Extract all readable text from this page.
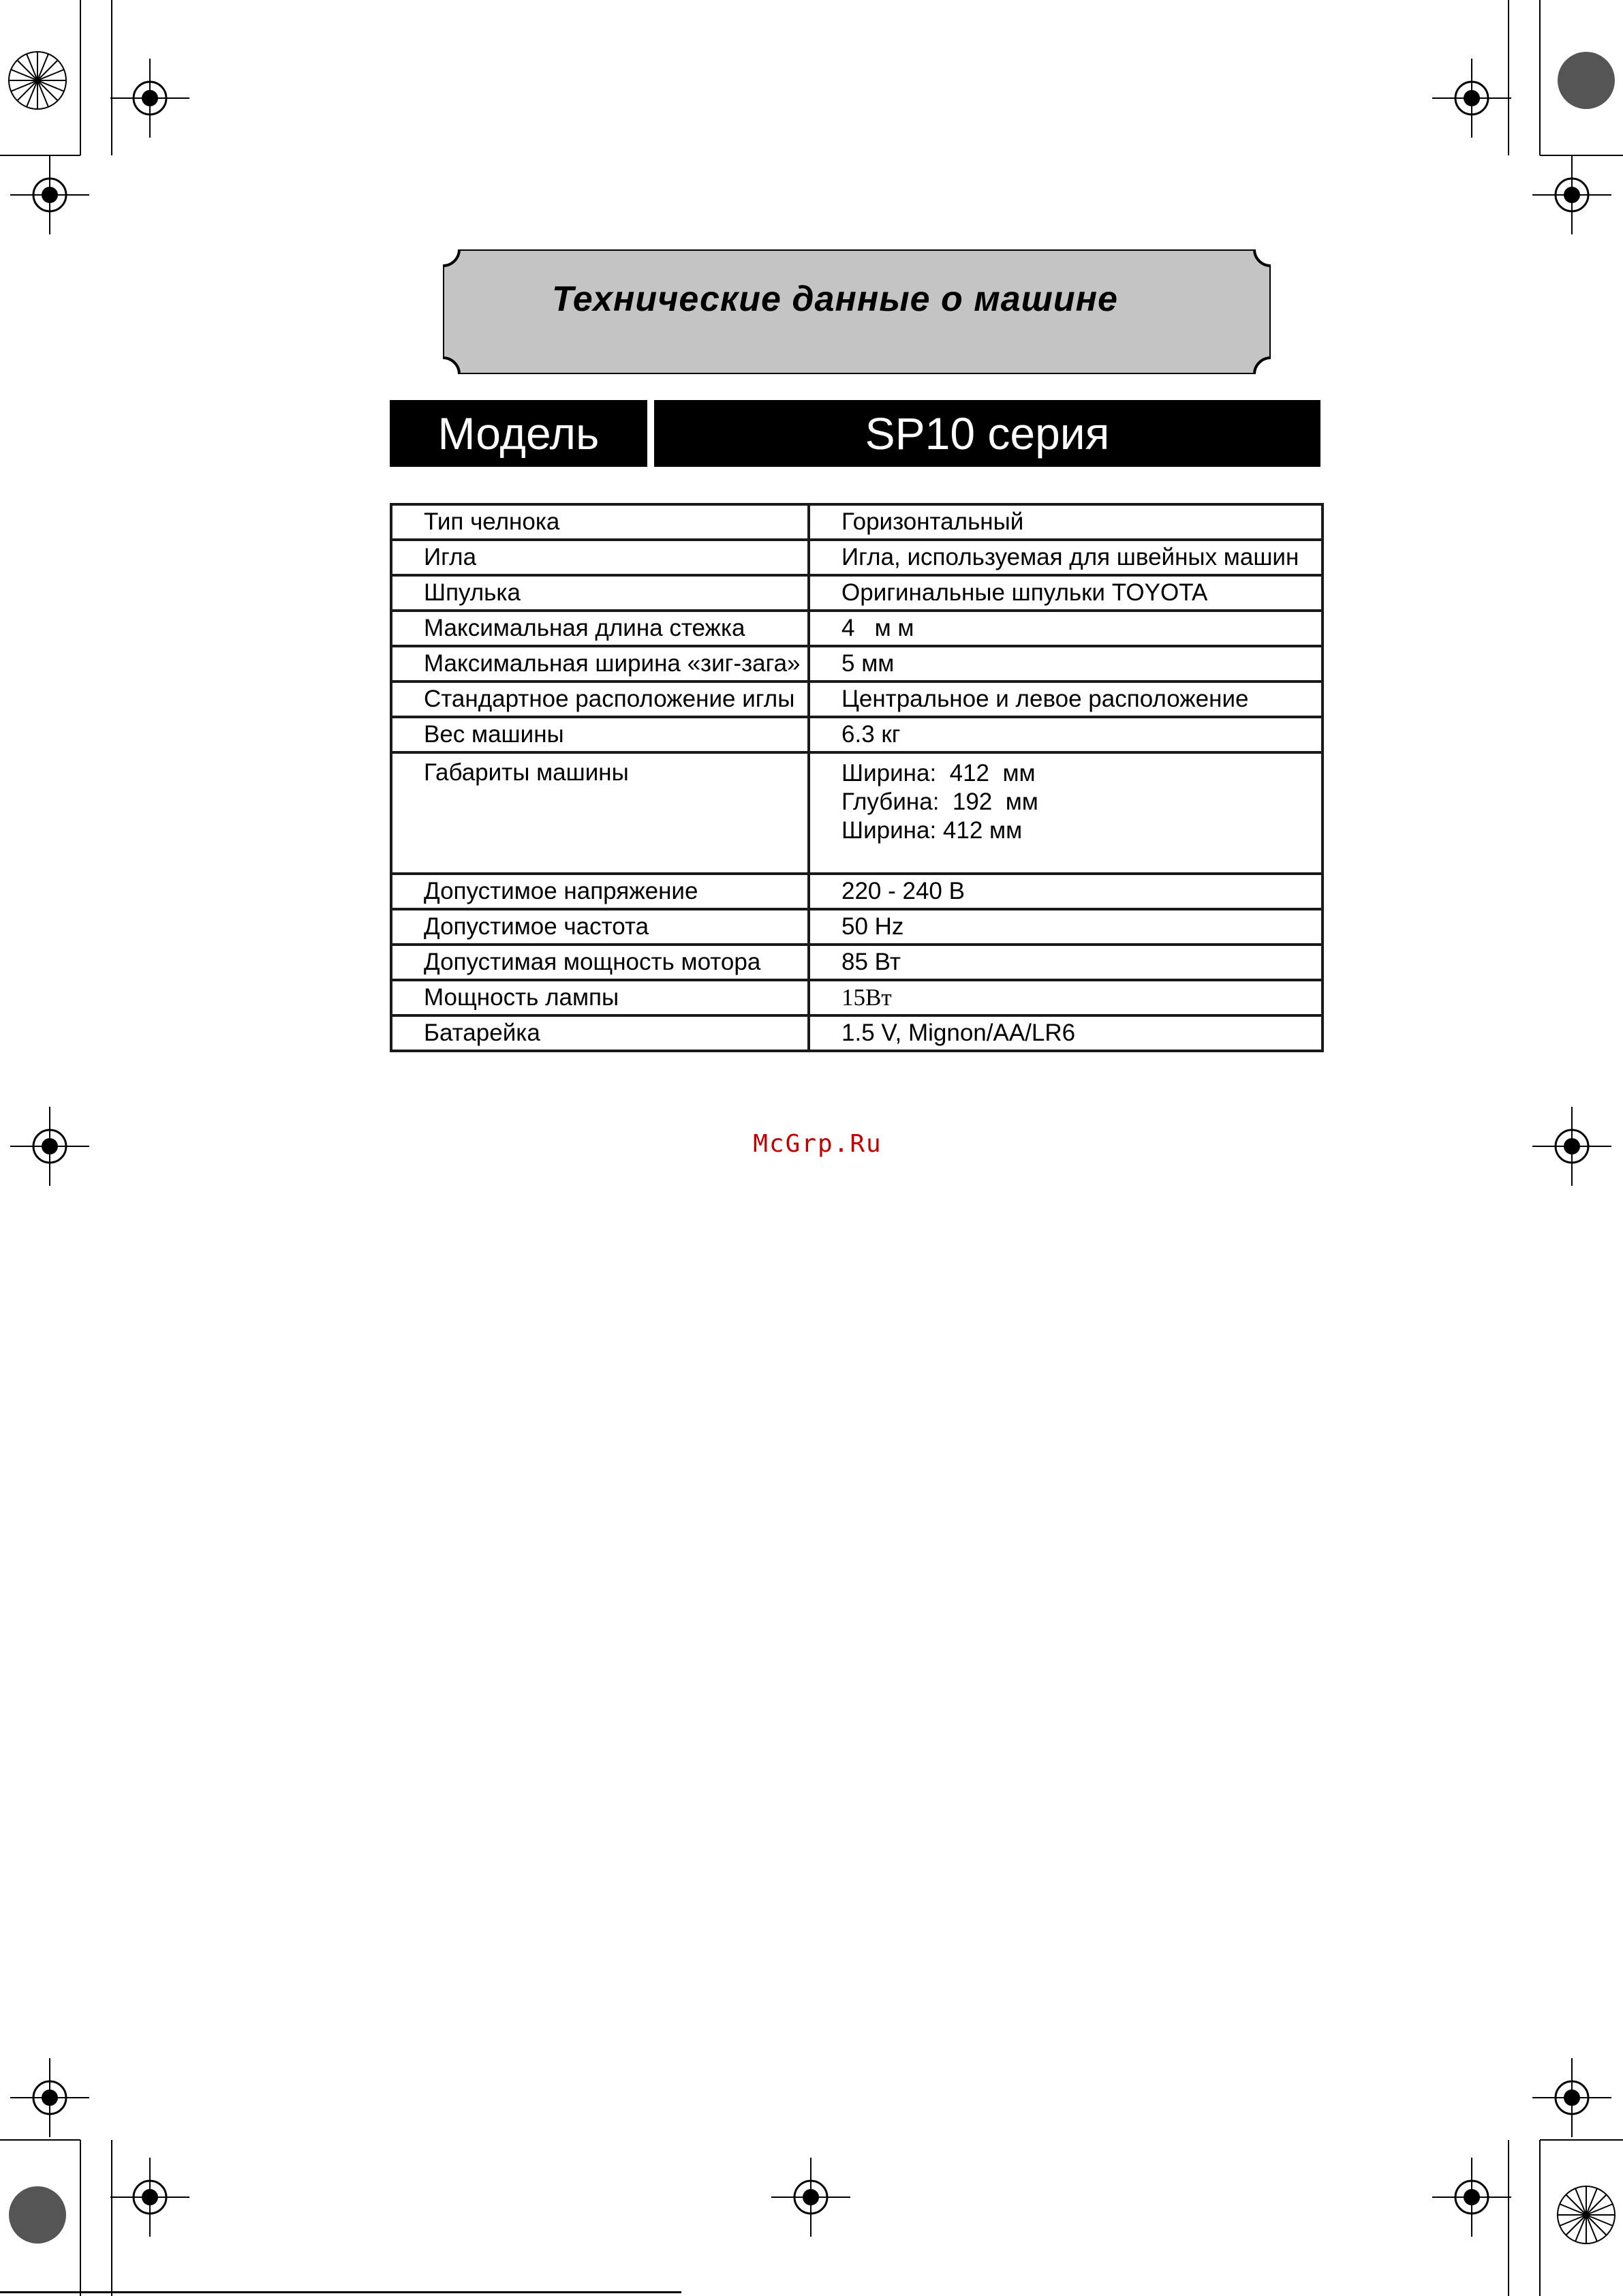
Технические данные о машине
Модель	SP10 серия
Тип челнока	Горизонтальный
Игла	Игла, используемая для швейных машин
Шпулька	Оригинальные шпульки TOYOTA
Максимальная длина стежка	4   м м
Максимальная ширина «зиг-зага»	5 мм
Стандартное расположение иглы	Центральное и левое расположение
Вес машины	6.3 кг
Габариты машины	Ширина:  412  мм
Глубина:  192  мм
Ширина: 412 мм

Допустимое напряжение	220 - 240 В
Допустимое частота	50 Hz
Допустимая мощность мотора	85 Вт
Мощность лампы	15Вт
Батарейка	1.5 V, Mignon/AA/LR6
McGrp.Ru
